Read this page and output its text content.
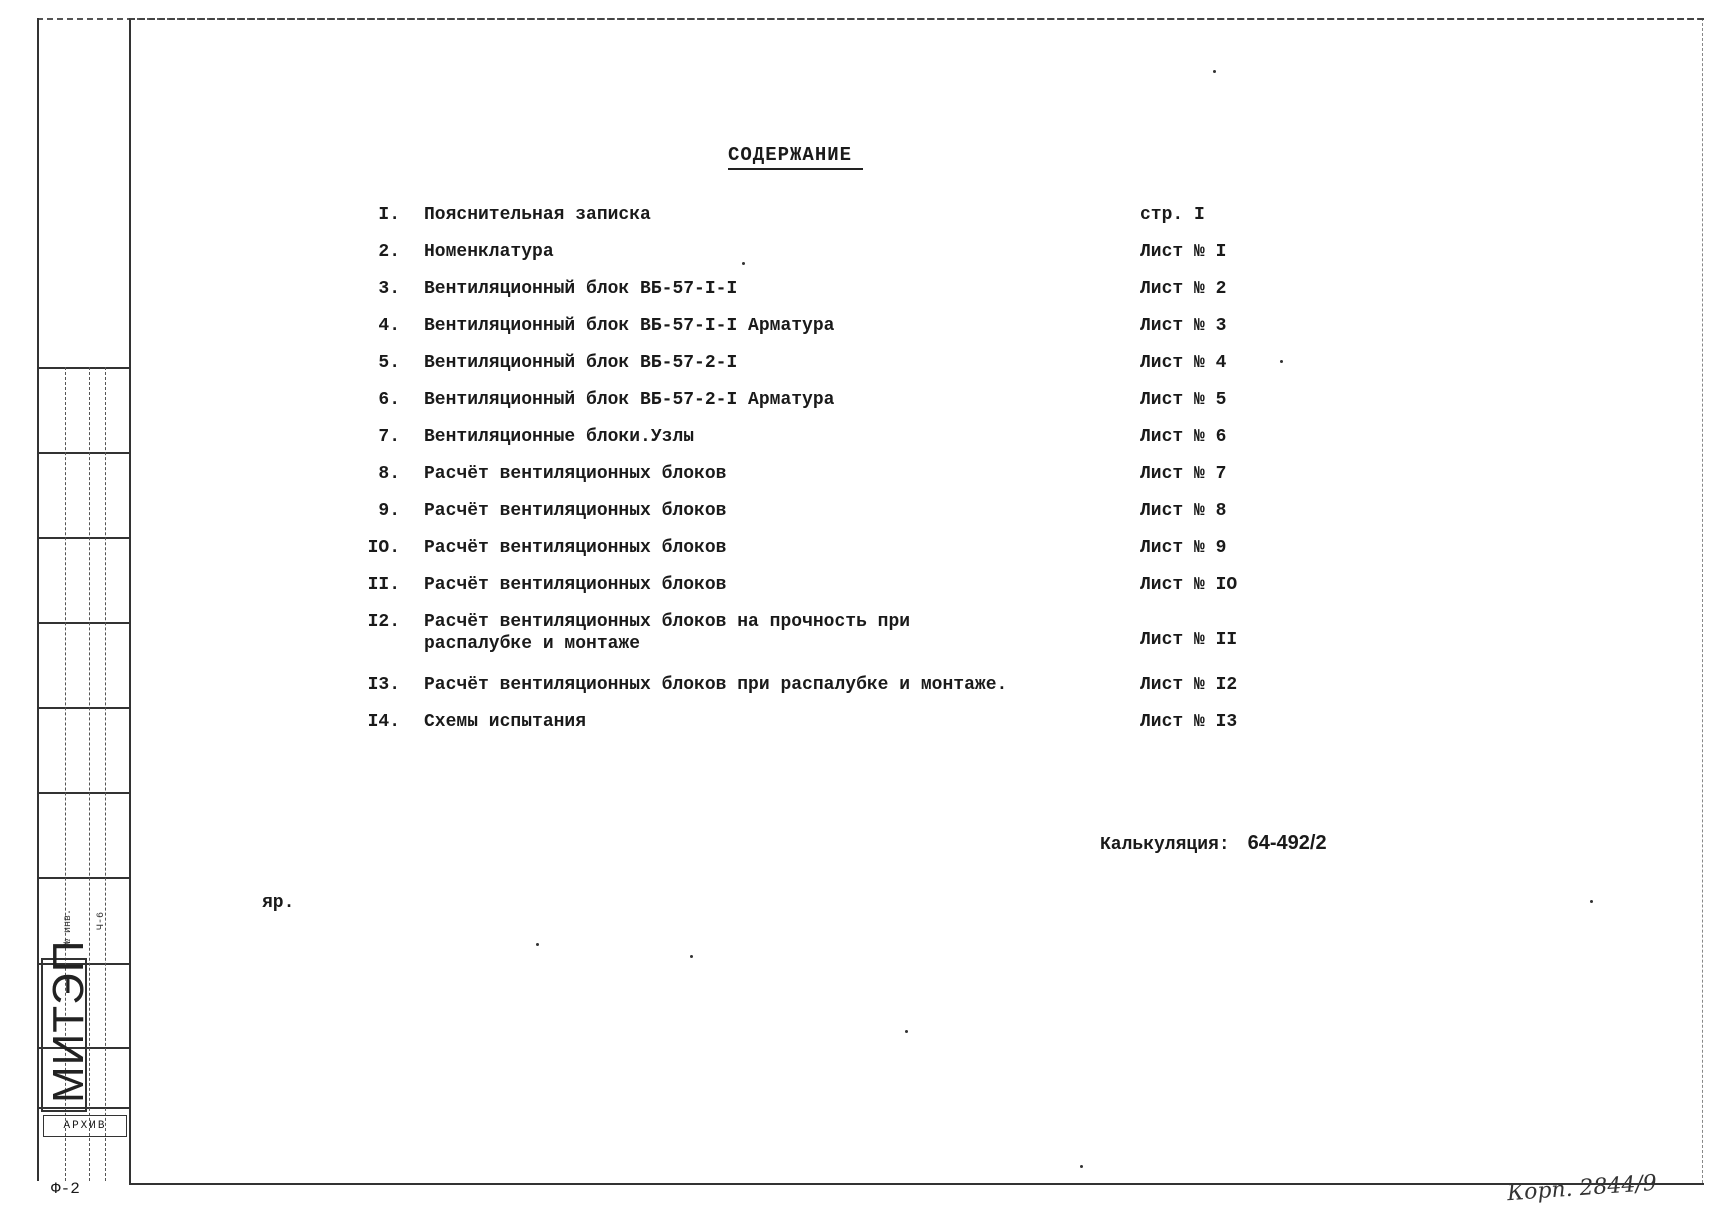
№ инв. Ч-6
МИТЭП
АРХИВ
СОДЕРЖАНИЕ
I. Пояснительная записка	стр. I
2. Номенклатура	Лист № I
3. Вентиляционный блок ВБ-57-I-I	Лист № 2
4. Вентиляционный блок ВБ-57-I-I Арматура	Лист № 3
5. Вентиляционный блок ВБ-57-2-I	Лист № 4
6. Вентиляционный блок ВБ-57-2-I Арматура	Лист № 5
7. Вентиляционные блоки.Узлы	Лист № 6
8. Расчёт вентиляционных блоков	Лист № 7
9. Расчёт вентиляционных блоков	Лист № 8
IO. Расчёт вентиляционных блоков	Лист № 9
II. Расчёт вентиляционных блоков	Лист № IO
I2. Расчёт вентиляционных блоков на прочность при распалубке и монтаже	Лист № II
I3. Расчёт вентиляционных блоков при распалубке и монтаже.	Лист № I2
I4. Схемы испытания	Лист № I3
Калькуляция: 64-492/2
яр.
Ф-2	Корп. 2844/9
